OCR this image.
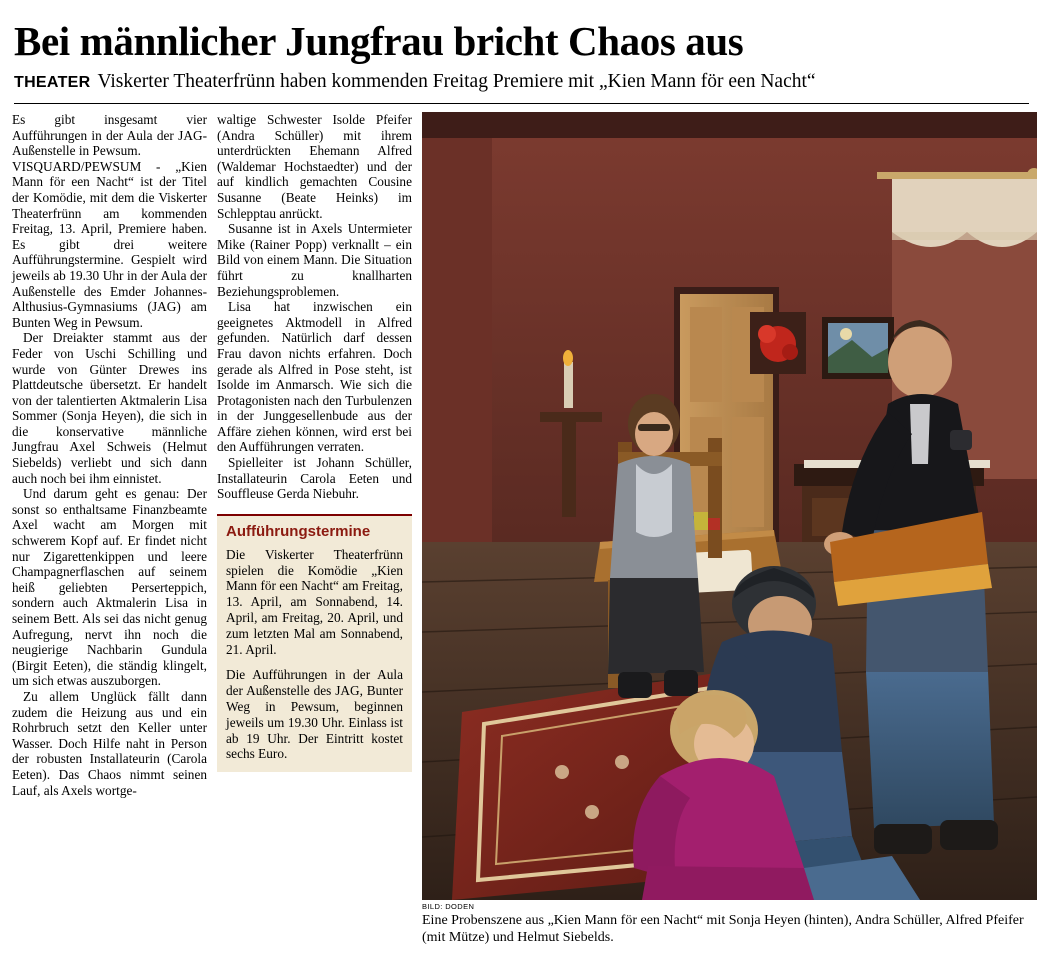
Bei männlicher Jungfrau bricht Chaos aus
THEATER Viskerter Theaterfrünn haben kommenden Freitag Premiere mit „Kien Mann för een Nacht“

Es gibt insgesamt vier Aufführungen in der Aula der JAG-Außenstelle in Pewsum.

VISQUARD/PEWSUM - „Kien Mann för een Nacht“ ist der Titel der Komödie, mit dem die Viskerter Theaterfrünn am kommenden Freitag, 13. April, Premiere haben. Es gibt drei weitere Aufführungstermine. Gespielt wird jeweils ab 19.30 Uhr in der Aula der Außenstelle des Emder Johannes-Althusius-Gymnasiums (JAG) am Bunten Weg in Pewsum.

Der Dreiakter stammt aus der Feder von Uschi Schilling und wurde von Günter Drewes ins Plattdeutsche übersetzt. Er handelt von der talentierten Aktmalerin Lisa Sommer (Sonja Heyen), die sich in die konservative männliche Jungfrau Axel Schweis (Helmut Siebelds) verliebt und sich dann auch noch bei ihm einnistet.

Und darum geht es genau: Der sonst so enthaltsame Finanzbeamte Axel wacht am Morgen mit schwerem Kopf auf. Er findet nicht nur Zigarettenkippen und leere Champagnerflaschen auf seinem heiß geliebten Perserteppich, sondern auch Aktmalerin Lisa in seinem Bett. Als sei das nicht genug Aufregung, nervt ihn noch die neugierige Nachbarin Gundula (Birgit Eeten), die ständig klingelt, um sich etwas auszuborgen.

Zu allem Unglück fällt dann zudem die Heizung aus und ein Rohrbruch setzt den Keller unter Wasser. Doch Hilfe naht in Person der robusten Installateurin (Carola Eeten). Das Chaos nimmt seinen Lauf, als Axels wortge-

waltige Schwester Isolde Pfeifer (Andra Schüller) mit ihrem unterdrückten Ehemann Alfred (Waldemar Hochstaedter) und der auf kindlich gemachten Cousine Susanne (Beate Heinks) im Schlepptau anrückt.

Susanne ist in Axels Untermieter Mike (Rainer Popp) verknallt – ein Bild von einem Mann. Die Situation führt zu knallharten Beziehungsproblemen.

Lisa hat inzwischen ein geeignetes Aktmodell in Alfred gefunden. Natürlich darf dessen Frau davon nichts erfahren. Doch gerade als Alfred in Pose steht, ist Isolde im Anmarsch. Wie sich die Protagonisten nach den Turbulenzen in der Junggesellenbude aus der Affäre ziehen können, wird erst bei den Aufführungen verraten.

Spielleiter ist Johann Schüller, Installateurin Carola Eeten und Souffleuse Gerda Niebuhr.

Aufführungstermine

Die Viskerter Theaterfrünn spielen die Komödie „Kien Mann för een Nacht“ am Freitag, 13. April, am Sonnabend, 14. April, am Freitag, 20. April, und zum letzten Mal am Sonnabend, 21. April.

Die Aufführungen in der Aula der Außenstelle des JAG, Bunter Weg in Pewsum, beginnen jeweils um 19.30 Uhr. Einlass ist ab 19 Uhr. Der Eintritt kostet sechs Euro.

BILD: DODEN
Eine Probenszene aus „Kien Mann för een Nacht“ mit Sonja Heyen (hinten), Andra Schüller, Alfred Pfeifer (mit Mütze) und Helmut Siebelds.
